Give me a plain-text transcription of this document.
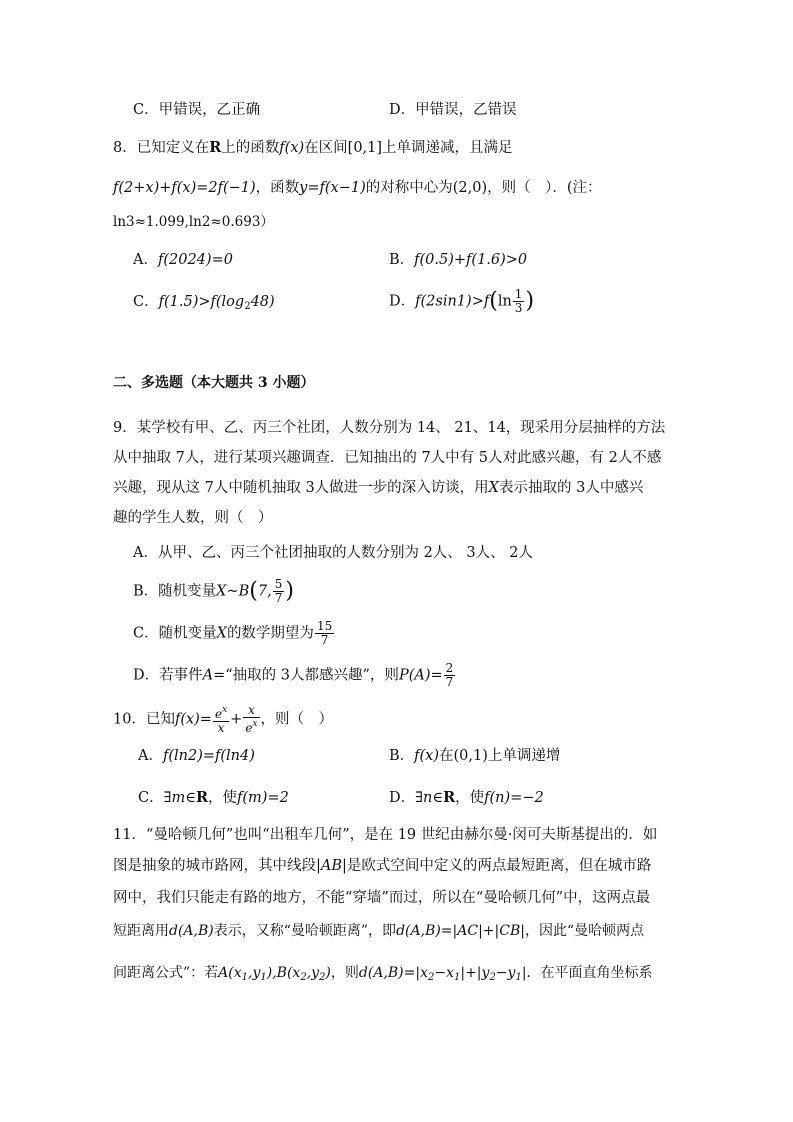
C．甲错误，乙正确	D．甲错误，乙错误
8．已知定义在R上的函数f(x)在区间[0,1]上单调递减，且满足
f(2+x)+f(x)=2f(−1)，函数y=f(x−1)的对称中心为(2,0)，则（　）．(注：
ln3≈1.099,ln2≈0.693）
A．f(2024)=0	B．f(0.5)+f(1.6)>0
C．$f(1.5)>f(\log_248)$	D．$f(2\sin 1)>f(\ln \frac{1}{3}$ )
二、多选题（本大题共 3 小题）
9．某学校有甲、乙、丙三个社团，人数分别为 14、 21、14，现采用分层抽样的方法
从中抽取 7人，进行某项兴趣调查．已知抽出的 7人中有 5人对此感兴趣，有 2人不感
兴趣，现从这 7人中随机抽取 3人做进一步的深入访谈，用X表示抽取的 3人中感兴
趣的学生人数，则（　）
A．从甲、乙、丙三个社团抽取的人数分别为 2人、 3人、 2人
B．随机变量X~B(7, $\frac{5}{7}$ )
C．随机变量X的数学期望为 $\frac{15}{7}$
D．若事件A=“抽取的 3人都感兴趣”，则$P(A)= \frac{2}{7}$
10．已知$f(x)= \frac{e^x}{x} + \frac{x}{e^x}$ ，则（　）
A．f(ln2)=f(ln4)	B．f(x)在(0,1)上单调递增
C．∃m∈R，使f(m)=2	D．∃n∈R，使f(n)=−2
11．“曼哈顿几何”也叫“出租车几何”，是在 19 世纪由赫尔曼·闵可夫斯基提出的．如
图是抽象的城市路网，其中线段|AB|是欧式空间中定义的两点最短距离，但在城市路
网中，我们只能走有路的地方，不能“穿墙”而过，所以在“曼哈顿几何”中，这两点最
短距离用d(A,B)表示，又称“曼哈顿距离”，即d(A,B)=|AC|+|CB|，因此“曼哈顿两点
间距离公式”：若$A(x_1,y_1),B(x_2,y_2)$，则$d(A,B)=|x_2-x_1|+|y_2-y_1|$．在平面直角坐标系
